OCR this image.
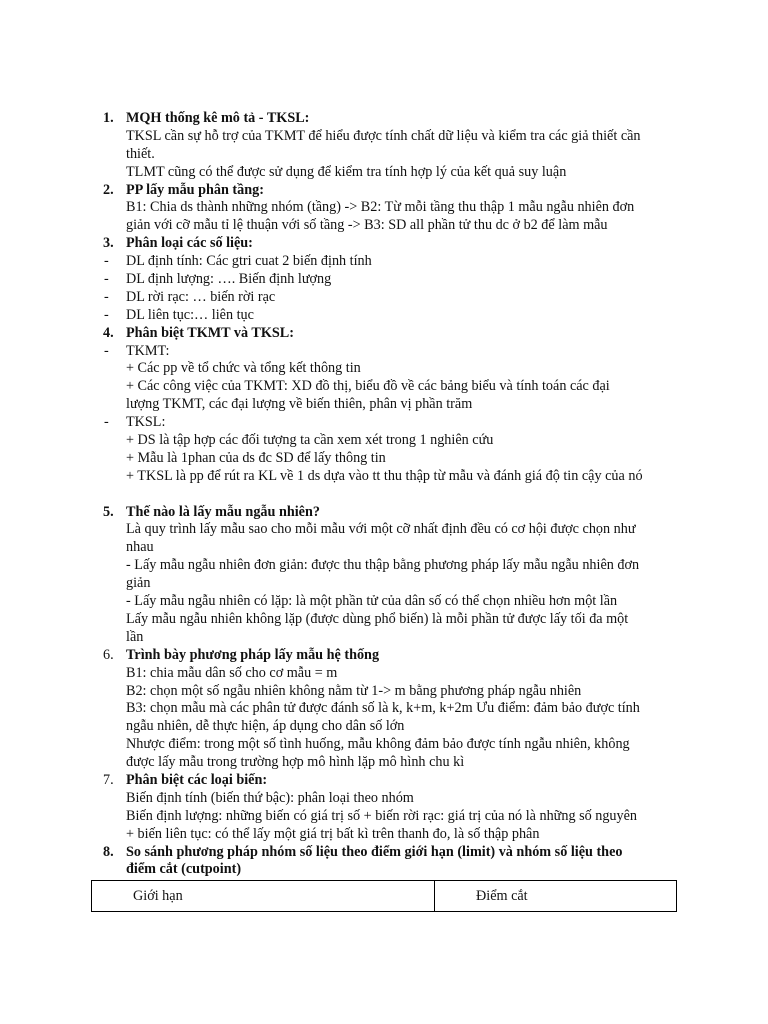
1. MQH thống kê mô tả - TKSL:
TKSL cần sự hỗ trợ của TKMT để hiểu được tính chất dữ liệu và kiểm tra các giả thiết cần
thiết.
TLMT cũng có thể được sử dụng để kiểm tra tính hợp lý của kết quả suy luận
2. PP lấy mẫu phân tầng:
B1: Chia ds thành những nhóm (tầng) -> B2: Từ mỗi tầng thu thập 1 mẫu ngẫu nhiên đơn
giản với cỡ mẫu tỉ lệ thuận với số tầng -> B3: SD all phần tử thu dc ở b2 để làm mẫu
3. Phân loại các số liệu:
- DL định tính: Các gtri cuat 2 biến định tính
- DL định lượng: …. Biến định lượng
- DL rời rạc: … biến rời rạc
- DL liên tục:… liên tục
4. Phân biệt TKMT và TKSL:
- TKMT:
+ Các pp về tổ chức và tổng kết thông tin
+ Các công việc của TKMT: XD đồ thị, biểu đồ về các bảng biểu và tính toán các đại
lượng TKMT, các đại lượng về biến thiên, phân vị phần trăm
- TKSL:
+ DS là tập hợp các đối tượng ta cần xem xét trong 1 nghiên cứu
+ Mẫu là 1phan của ds đc SD để lấy thông tin
+ TKSL là pp để rút ra KL về 1 ds dựa vào tt thu thập từ mẫu và đánh giá độ tin cậy của nó
5. Thế nào là lấy mẫu ngẫu nhiên?
Là quy trình lấy mẫu sao cho mỗi mẫu với một cỡ nhất định đều có cơ hội được chọn như
nhau
- Lấy mẫu ngẫu nhiên đơn giản: được thu thập bằng phương pháp lấy mẫu ngẫu nhiên đơn
giản
- Lấy mẫu ngẫu nhiên có lặp: là một phần tử của dân số có thể chọn nhiều hơn một lần
Lấy mẫu ngẫu nhiên không lặp (được dùng phổ biến) là mỗi phần tử được lấy tối đa một
lần
6. Trình bày phương pháp lấy mẫu hệ thống
B1: chia mẫu dân số cho cơ mẫu = m
B2: chọn một số ngẫu nhiên không nằm từ 1-> m bằng phương pháp ngẫu nhiên
B3: chọn mẫu mà các phân tử được đánh số là k, k+m, k+2m Ưu điểm: đảm bảo được tính
ngẫu nhiên, dễ thực hiện, áp dụng cho dân số lớn
Nhược điểm: trong một số tình huống, mẫu không đảm bảo được tính ngẫu nhiên, không
được lấy mẫu trong trường hợp mô hình lặp mô hình chu kì
7. Phân biệt các loại biến:
Biến định tính (biến thứ bậc): phân loại theo nhóm
Biến định lượng: những biến có giá trị số + biến rời rạc: giá trị của nó là những số nguyên
+ biến liên tục: có thể lấy một giá trị bất kì trên thanh đo, là số thập phân
8. So sánh phương pháp nhóm số liệu theo điểm giới hạn (limit) và nhóm số liệu theo
điểm cắt (cutpoint)
Giới hạn	Điểm cắt
